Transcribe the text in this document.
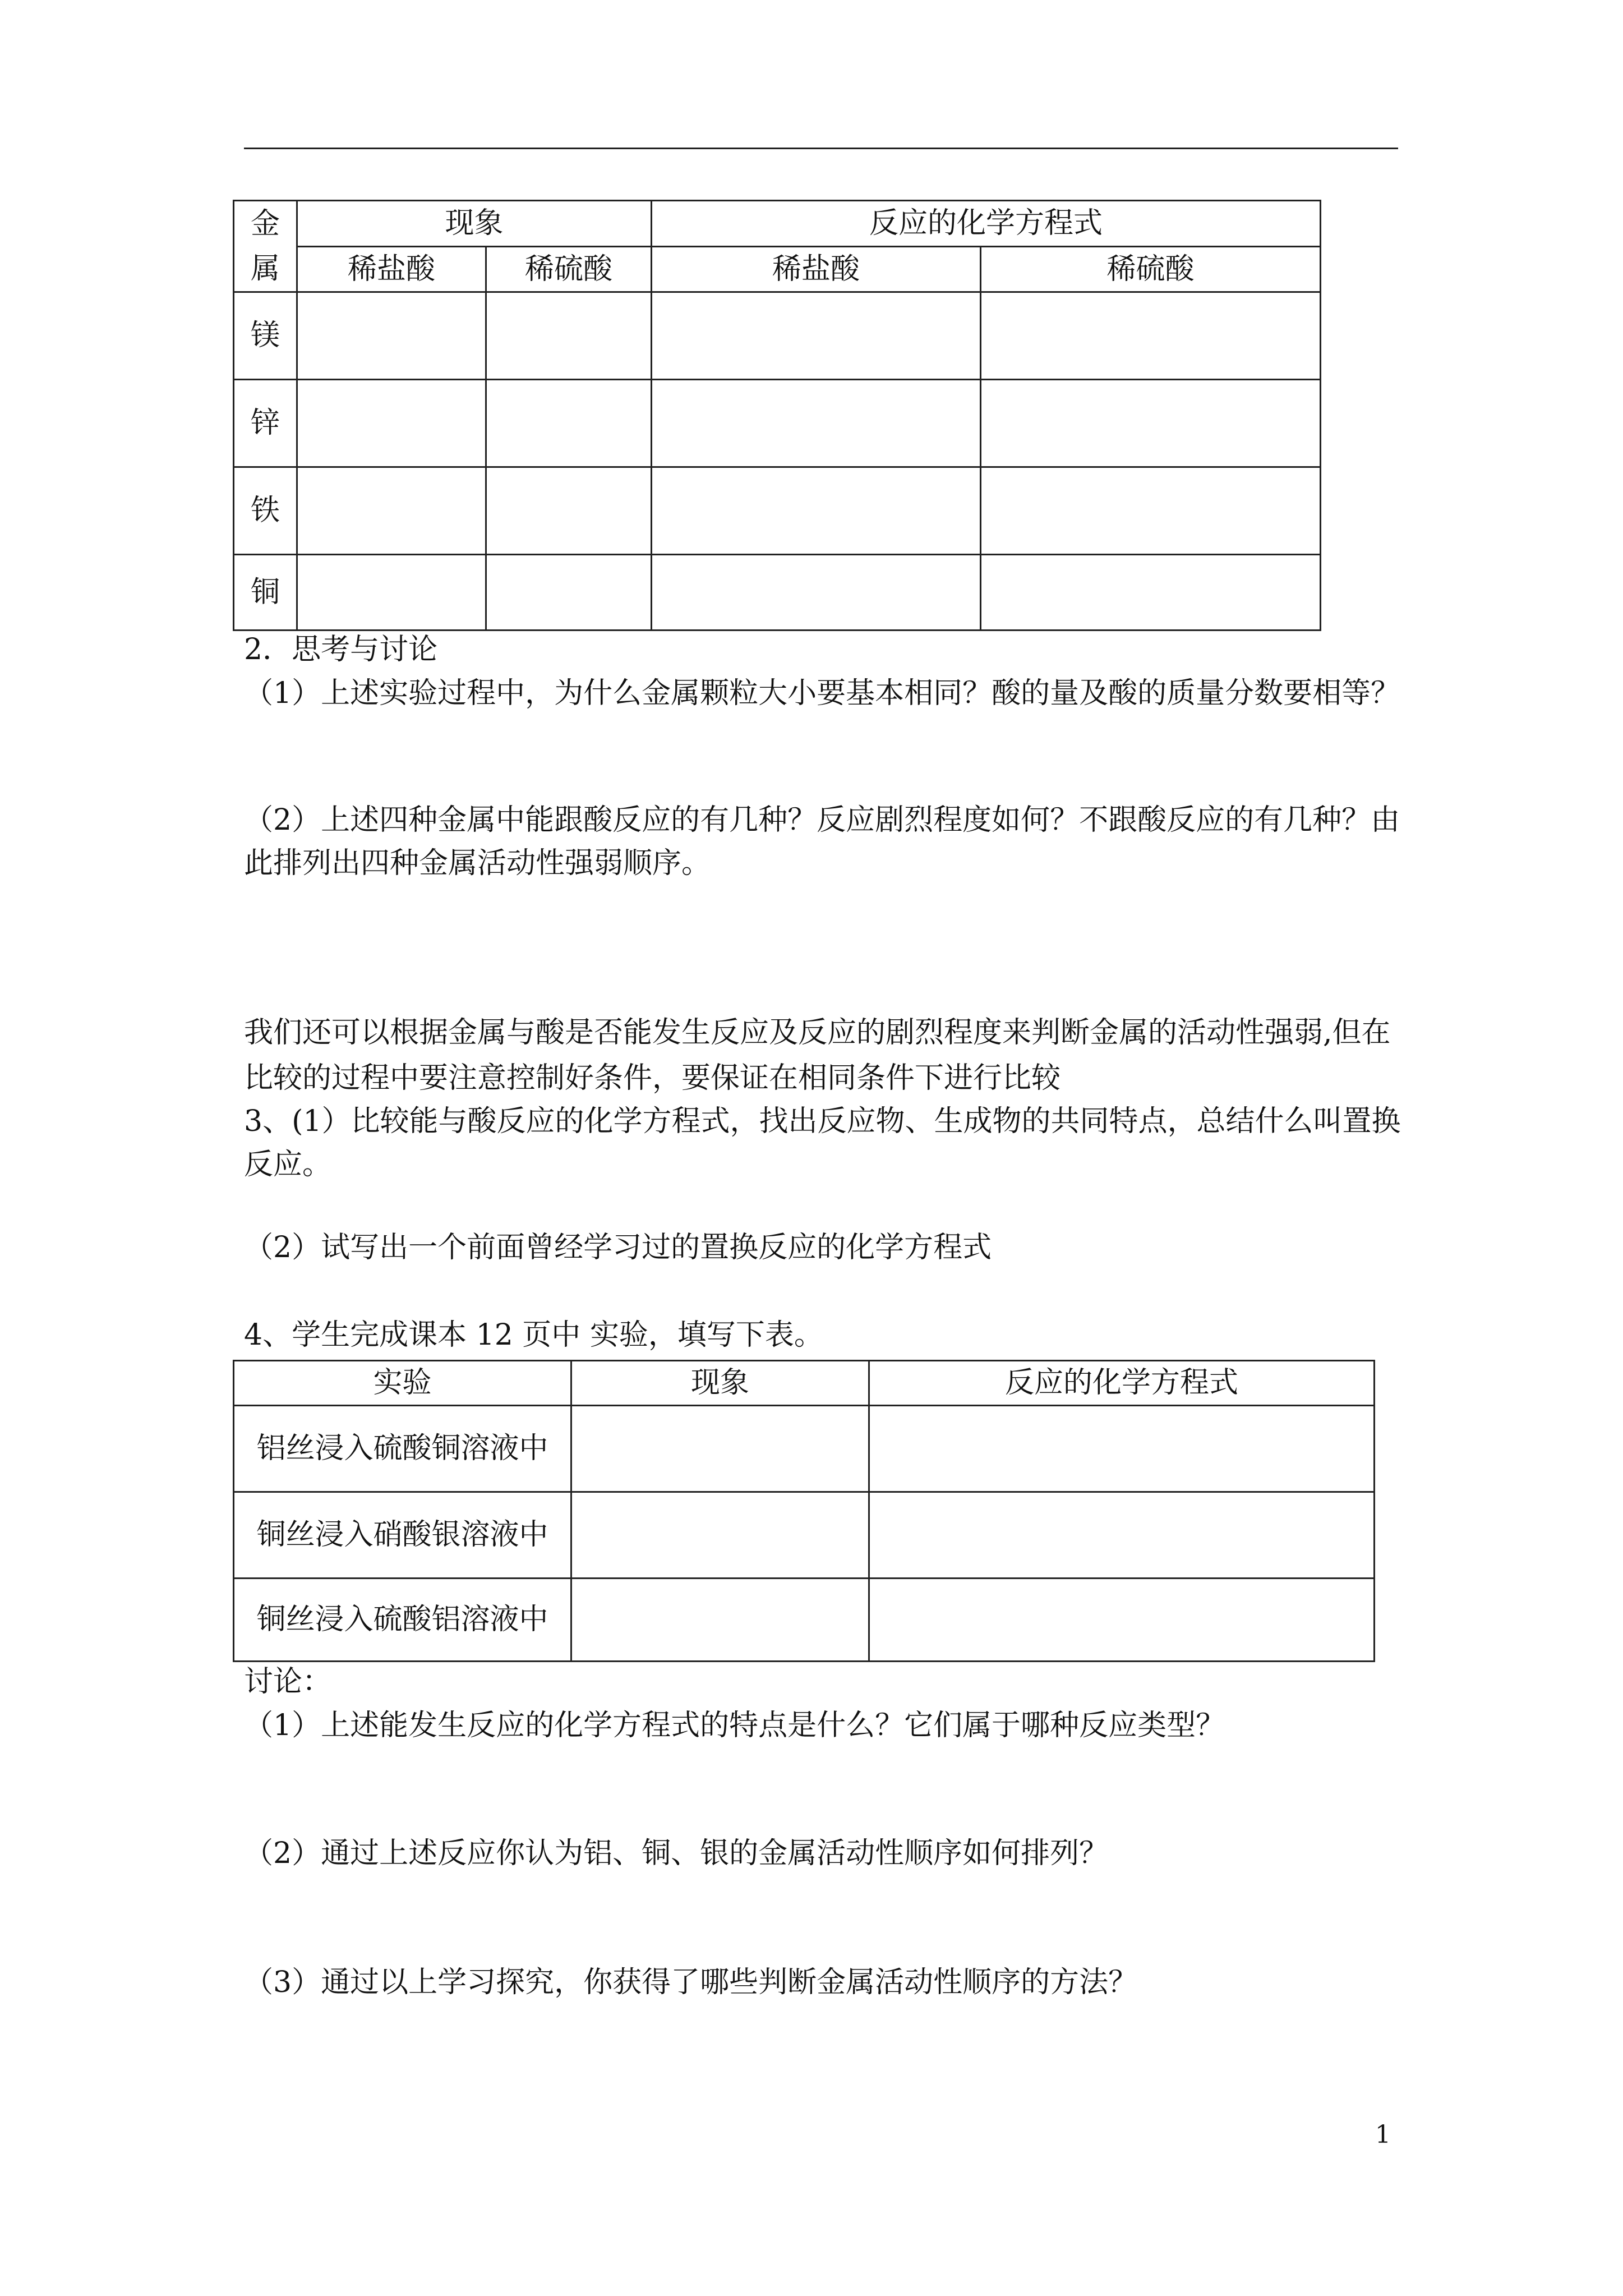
金属	现象		反应的化学方程式	
	稀盐酸	稀硫酸	稀盐酸	稀硫酸
镁				
锌				
铁				
铜				
2．思考与讨论
（1）上述实验过程中，为什么金属颗粒大小要基本相同？酸的量及酸的质量分数要相等？
（2）上述四种金属中能跟酸反应的有几种？反应剧烈程度如何？不跟酸反应的有几种？由
此排列出四种金属活动性强弱顺序。
我们还可以根据金属与酸是否能发生反应及反应的剧烈程度来判断金属的活动性强弱,但在
比较的过程中要注意控制好条件，要保证在相同条件下进行比较
3、(1）比较能与酸反应的化学方程式，找出反应物、生成物的共同特点，总结什么叫置换
反应。
（2）试写出一个前面曾经学习过的置换反应的化学方程式
4、学生完成课本 12 页中 实验，填写下表。
实验	现象	反应的化学方程式
铝丝浸入硫酸铜溶液中		
铜丝浸入硝酸银溶液中		
铜丝浸入硫酸铝溶液中		
讨论：
（1）上述能发生反应的化学方程式的特点是什么？它们属于哪种反应类型？
（2）通过上述反应你认为铝、铜、银的金属活动性顺序如何排列？
（3）通过以上学习探究，你获得了哪些判断金属活动性顺序的方法？
1
